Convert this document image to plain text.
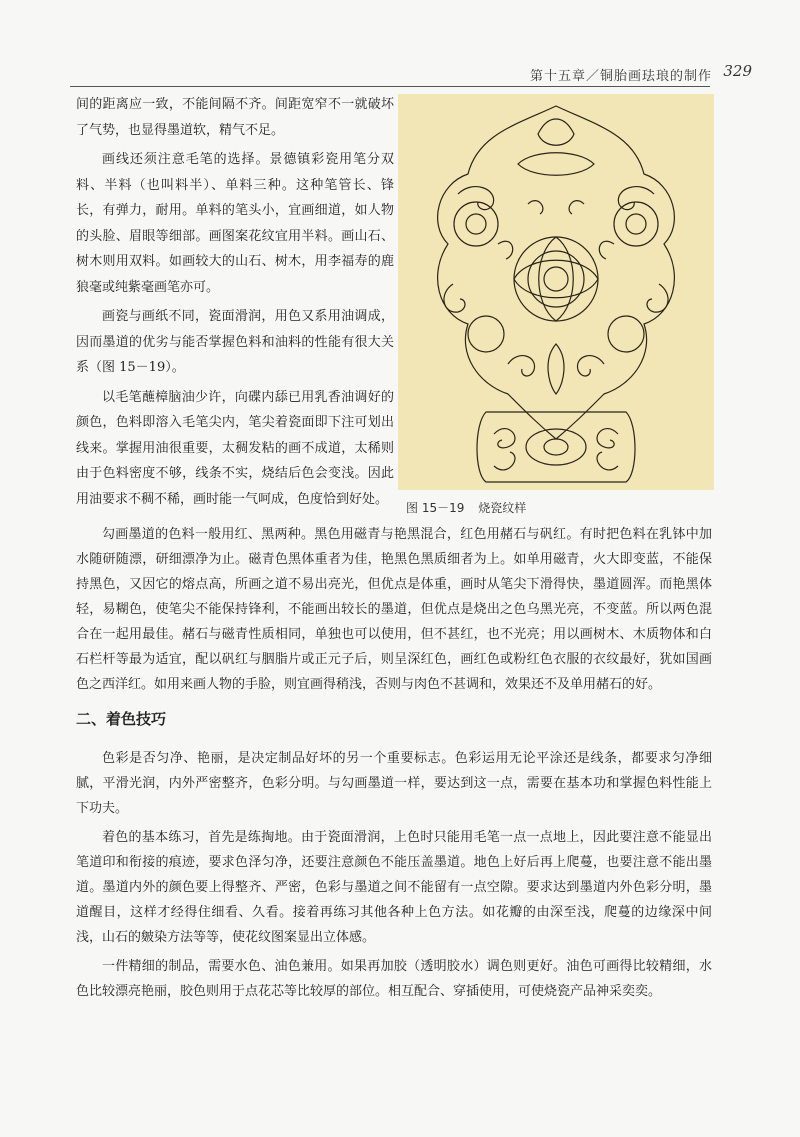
第十五章／铜胎画珐琅的制作 329

间的距离应一致，不能间隔不齐。间距宽窄不一就破坏了气势，也显得墨道软，精气不足。

画线还须注意毛笔的选择。景德镇彩瓷用笔分双料、半料（也叫料半）、单料三种。这种笔管长、锋长，有弹力，耐用。单料的笔头小，宜画细道，如人物的头脸、眉眼等细部。画图案花纹宜用半料。画山石、树木则用双料。如画较大的山石、树木，用李福寿的鹿狼毫或纯紫毫画笔亦可。

画瓷与画纸不同，瓷面滑润，用色又系用油调成，因而墨道的优劣与能否掌握色料和油料的性能有很大关系（图 15－19）。

以毛笔蘸樟脑油少许，向碟内舔已用乳香油调好的颜色，色料即溶入毛笔尖内，笔尖着瓷面即下注可划出线来。掌握用油很重要，太稠发粘的画不成道，太稀则由于色料密度不够，线条不实，烧结后色会变浅。因此用油要求不稠不稀，画时能一气呵成，色度恰到好处。

图 15－19 烧瓷纹样

勾画墨道的色料一般用红、黑两种。黑色用磁青与艳黑混合，红色用赭石与矾红。有时把色料在乳钵中加水随研随漂，研细漂净为止。磁青色黑体重者为佳，艳黑色黑质细者为上。如单用磁青，火大即变蓝，不能保持黑色，又因它的熔点高，所画之道不易出亮光，但优点是体重，画时从笔尖下滑得快，墨道圆浑。而艳黑体轻，易糊色，使笔尖不能保持锋利，不能画出较长的墨道，但优点是烧出之色乌黑光亮，不变蓝。所以两色混合在一起用最佳。赭石与磁青性质相同，单独也可以使用，但不甚红，也不光亮；用以画树木、木质物体和白石栏杆等最为适宜，配以矾红与胭脂片或正元子后，则呈深红色，画红色或粉红色衣服的衣纹最好，犹如国画色之西洋红。如用来画人物的手脸，则宜画得稍浅，否则与肉色不甚调和，效果还不及单用赭石的好。

二、着色技巧

色彩是否匀净、艳丽，是决定制品好坏的另一个重要标志。色彩运用无论平涂还是线条，都要求匀净细腻，平滑光润，内外严密整齐，色彩分明。与勾画墨道一样，要达到这一点，需要在基本功和掌握色料性能上下功夫。

着色的基本练习，首先是练掏地。由于瓷面滑润，上色时只能用毛笔一点一点地上，因此要注意不能显出笔道印和衔接的痕迹，要求色泽匀净，还要注意颜色不能压盖墨道。地色上好后再上爬蔓，也要注意不能出墨道。墨道内外的颜色要上得整齐、严密，色彩与墨道之间不能留有一点空隙。要求达到墨道内外色彩分明，墨道醒目，这样才经得住细看、久看。接着再练习其他各种上色方法。如花瓣的由深至浅，爬蔓的边缘深中间浅，山石的皴染方法等等，使花纹图案显出立体感。

一件精细的制品，需要水色、油色兼用。如果再加胶（透明胶水）调色则更好。油色可画得比较精细，水色比较漂亮艳丽，胶色则用于点花芯等比较厚的部位。相互配合、穿插使用，可使烧瓷产品神采奕奕。
